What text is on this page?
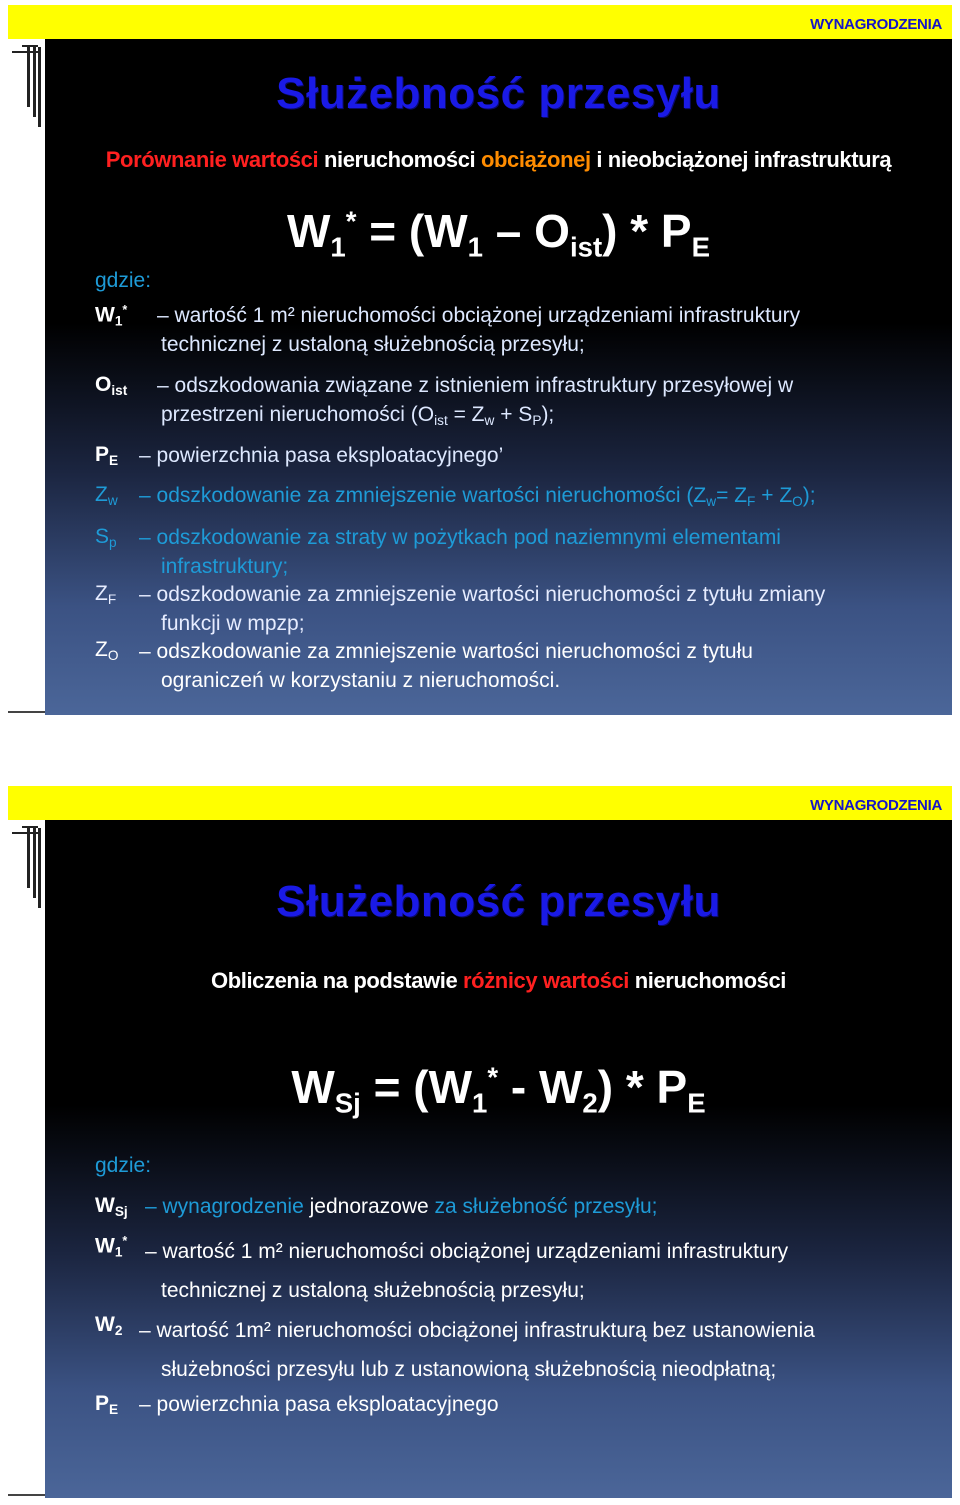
WYNAGRODZENIA
Służebność przesyłu
Porównanie wartości nieruchomości obciążonej i nieobciążonej infrastrukturą
$W_1^* = (W_1 - O_{ist}) * P_E$
gdzie:
$W_1^*$ – wartość 1 m² nieruchomości obciążonej urządzeniami infrastruktury
technicznej z ustaloną służebnością przesyłu;
$O_{ist}$ – odszkodowania związane z istnieniem infrastruktury przesyłowej w
przestrzeni nieruchomości $(O_{ist} = Z_w + S_P)$;
$P_E$ – powierzchnia pasa eksploatacyjnego’
$Z_w$ – odszkodowanie za zmniejszenie wartości nieruchomości $(Z_w= Z_F + Z_O)$;
$S_p$ – odszkodowanie za straty w pożytkach pod naziemnymi elementami
infrastruktury;
$Z_F$ – odszkodowanie za zmniejszenie wartości nieruchomości z tytułu zmiany
funkcji w mpzp;
$Z_O$ – odszkodowanie za zmniejszenie wartości nieruchomości z tytułu
ograniczeń w korzystaniu z nieruchomości.
WYNAGRODZENIA
Służebność przesyłu
Obliczenia na podstawie różnicy wartości nieruchomości
$W_{Sj} = (W_1^* - W_2) * P_E$
gdzie:
$W_{Sj}$ – wynagrodzenie jednorazowe za służebność przesyłu;
$W_1^*$ – wartość 1 m² nieruchomości obciążonej urządzeniami infrastruktury
technicznej z ustaloną służebnością przesyłu;
$W_2$ – wartość 1m² nieruchomości obciążonej infrastrukturą bez ustanowienia
służebności przesyłu lub z ustanowioną służebnością nieodpłatną;
$P_E$ – powierzchnia pasa eksploatacyjnego
